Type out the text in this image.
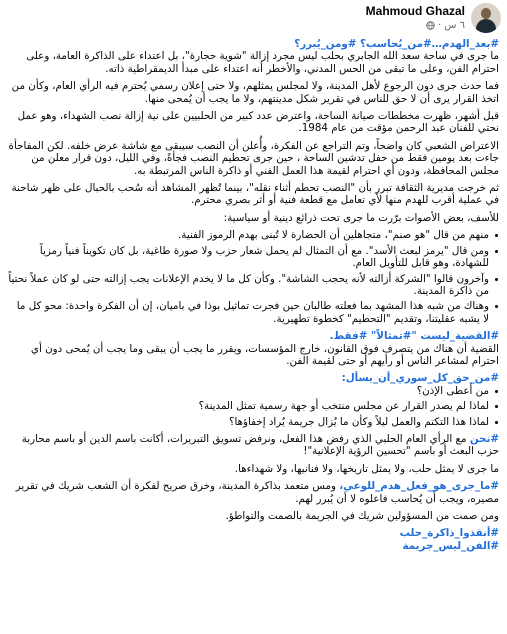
Mahmoud Ghazal
٦ س
·
#بعد_الهدم…#من_يُحاسب؟ #ومن_يُبرر؟

ما جرى في ساحة سعد الله الجابري بحلب ليس مجرد إزالة "شوية حجارة"، بل اعتداء على الذاكرة العامة، وعلى احترام الفن، وعلى ما تبقى من الحس المدني، والأخطر أنه اعتداء على مبدأ الديمقراطية ذاته.

فما حدث جرى دون الرجوع لأهل المدينة، ولا لمجلس يمثلهم، ولا حتى إعلان رسمي يُحترم فيه الرأي العام، وكأن من اتخذ القرار يرى أن لا حق للناس في تقرير شكل مدينتهم، ولا ما يجب أن يُمحى منها.

قبل أشهر، ظهرت مخططات صيانة الساحة، واعترض عدد كبير من الحلبيين على نية إزالة نصب الشهداء، وهو عمل نحتي للفنان عبد الرحمن مؤقت من عام 1984.

الاعتراض الشعبي كان واضحاً، وتم التراجع عن الفكرة، وأُعلن أن النصب سيبقى مع شاشة عرض خلفه. لكن المفاجأة جاءت بعد يومين فقط من حفل تدشين الساحة ، حين جرى تحطيم النصب فجأةً، وفي الليل، دون قرار معلن من مجلس المحافظة، ودون أي احترام لقيمة هذا العمل الفني أو ذاكرة الناس المرتبطة به.

ثم خرجت مديرية الثقافة تبرر بأن "النصب تحطم أثناء نقله"، بينما تُظهر المشاهد أنه سُحب بالحبال على ظهر شاحنة في عملية أقرب للهدم منها لأي تعامل مع قطعة فنية أو أثر بصري محترم.

للأسف، بعض الأصوات برّرت ما جرى تحت ذرائع دينية أو سياسية:

منهم من قال "هو صنم"، متجاهلين أن الحضارة لا تُبنى بهدم الرموز الفنية.
ومن قال "يرمز لبعث الأسد". مع أن التمثال لم يحمل شعار حزب ولا صورة طاغية، بل كان تكويناً فنياً رمزياً للشهادة، وهو قابل للتأويل العام.
وآخرون قالوا "الشركة أزالته لأنه يحجب الشاشة". وكأن كل ما لا يخدم الإعلانات يجب إزالته حتى لو كان عملاً نحتياً من ذاكرة المدينة.
وهناك من شبه هذا المشهد بما فعلته طالبان حين فجرت تماثيل بوذا في باميان، إن أن الفكرة واحدة: محو كل ما لا يشبه عقليتنا، وتقديم "التحطيم" كخطوة تطهيرية.
#القضية_ليست "#تمثالاً" #فقط.

القضية أن هناك من يتصرف فوق القانون، خارج المؤسسات، ويقرر ما يجب أن يبقى وما يجب أن يُمحى دون أي احترام لمشاعر الناس أو رأيهم أو حتى لقيمة الفن.

#من_حق_كل_سوري_أن_يسأل:
من أعطى الإذن؟
لماذا لم يصدر القرار عن مجلس منتخب أو جهة رسمية تمثل المدينة؟
لماذا هذا التكتم والعمل ليلاً وكأن ما يُزال جريمة يُراد إخفاؤها؟

#نحن مع الرأي العام الحلبي الذي رفض هذا الفعل، ونرفض تسويق التبريرات، أكانت باسم الدين أو باسم محاربة حزب البعث أو باسم "تحسين الرؤية الإعلانية"!

ما جرى لا يمثل حلب، ولا يمثل تاريخها، ولا فنانيها، ولا شهداءها.

#ما_جرى_هو_فعل_هدم_للوعي، ومس متعمد بذاكرة المدينة، وخرق صريح لفكرة أن الشعب شريك في تقرير مصيره، ويجب أن يُحاسب فاعلوه لا أن يُبرر لهم.

ومن صمت من المسؤولين شريك في الجريمة بالصمت والتواطؤ.

#أنقذوا_ذاكرة_حلب
#الفن_ليس_جريمة
